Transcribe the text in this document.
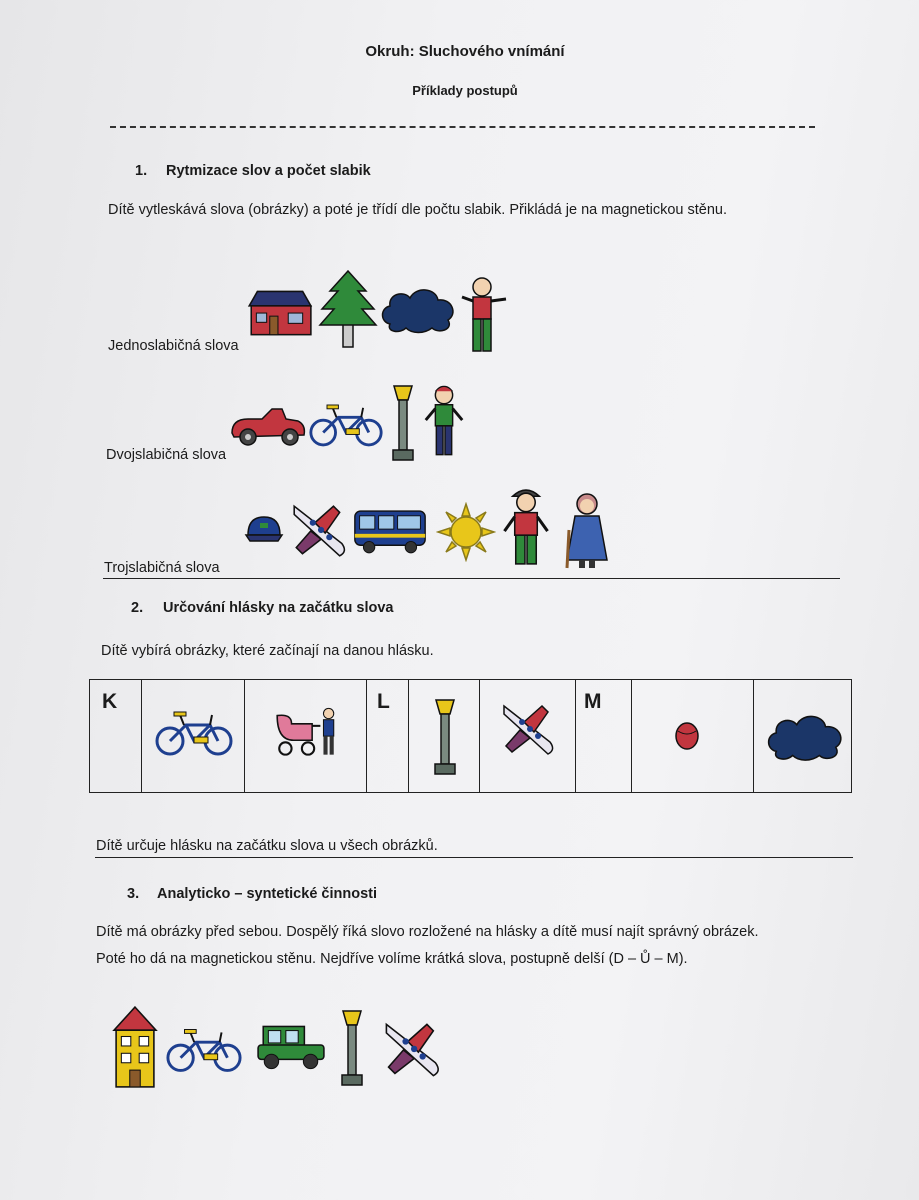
Okruh: Sluchového vnímání
Příklady postupů
1. Rytmizace slov a počet slabik
Dítě vytleskává slova (obrázky) a poté je třídí dle počtu slabik. Přikládá je na magnetickou stěnu.
Jednoslabičná slova
Dvojslabičná slova
Trojslabičná slova
2. Určování hlásky na začátku slova
Dítě vybírá obrázky, které začínají na danou hlásku.
K	L	M
Dítě určuje hlásku na začátku slova u všech obrázků.
3. Analyticko – syntetické činnosti
Dítě má obrázky před sebou. Dospělý říká slovo rozložené na hlásky a dítě musí najít správný obrázek.
Poté ho dá na magnetickou stěnu. Nejdříve volíme krátká slova, postupně delší (D – Ů – M).
